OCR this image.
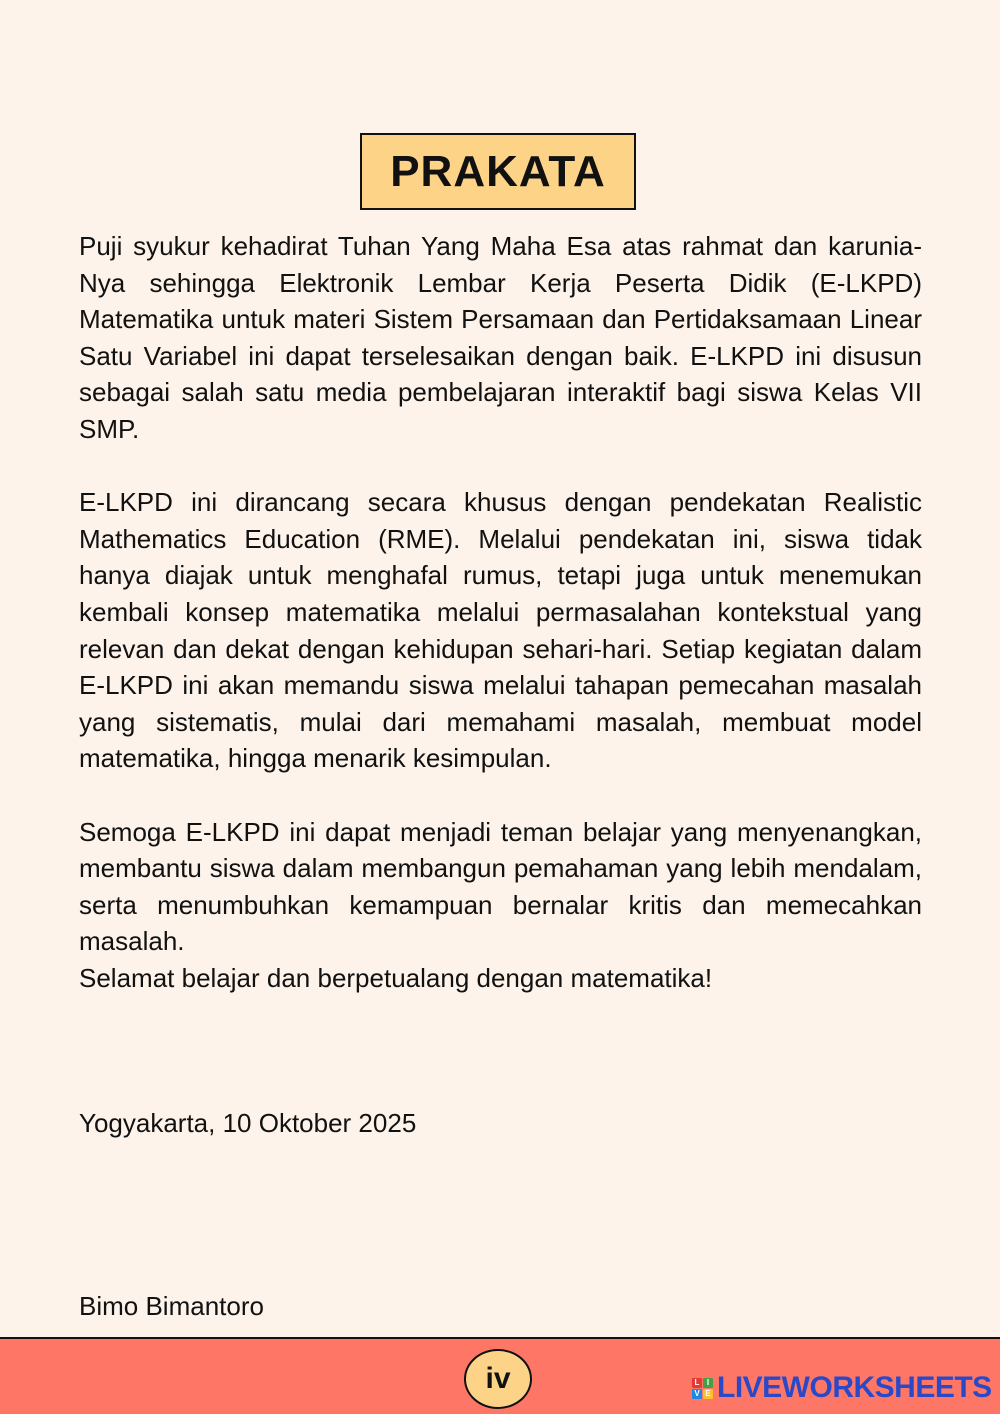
PRAKATA

Puji syukur kehadirat Tuhan Yang Maha Esa atas rahmat dan karunia-Nya sehingga Elektronik Lembar Kerja Peserta Didik (E-LKPD) Matematika untuk materi Sistem Persamaan dan Pertidaksamaan Linear Satu Variabel ini dapat terselesaikan dengan baik. E-LKPD ini disusun sebagai salah satu media pembelajaran interaktif bagi siswa Kelas VII SMP.

E-LKPD ini dirancang secara khusus dengan pendekatan Realistic Mathematics Education (RME). Melalui pendekatan ini, siswa tidak hanya diajak untuk menghafal rumus, tetapi juga untuk menemukan kembali konsep matematika melalui permasalahan kontekstual yang relevan dan dekat dengan kehidupan sehari-hari. Setiap kegiatan dalam E-LKPD ini akan memandu siswa melalui tahapan pemecahan masalah yang sistematis, mulai dari memahami masalah, membuat model matematika, hingga menarik kesimpulan.

Semoga E-LKPD ini dapat menjadi teman belajar yang menyenangkan, membantu siswa dalam membangun pemahaman yang lebih mendalam, serta menumbuhkan kemampuan bernalar kritis dan memecahkan masalah.
Selamat belajar dan berpetualang dengan matematika!

Yogyakarta, 10 Oktober 2025
Bimo Bimantoro
iv	L I
V E LIVEWORKSHEETS
